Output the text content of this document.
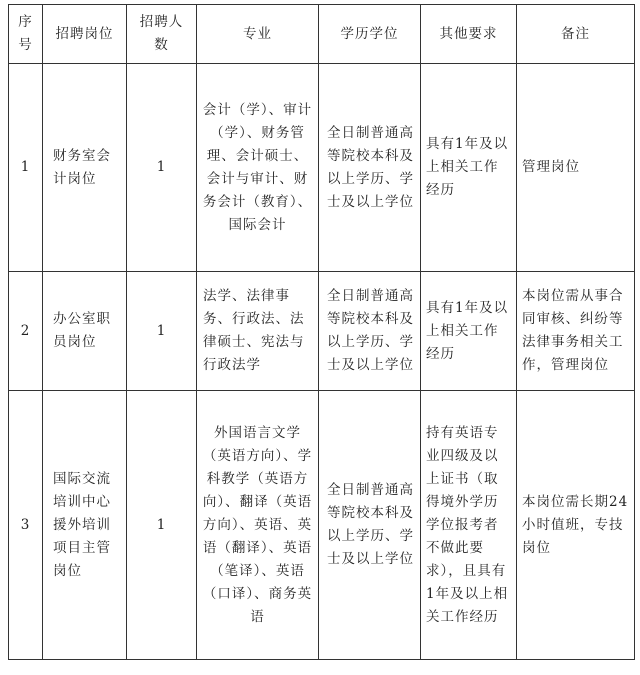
序号	招聘岗位	招聘人数	专业	学历学位	其他要求	备注
1	财务室会计岗位	1	会计（学）、审计（学）、财务管理、会计硕士、会计与审计、财务会计（教育）、国际会计	全日制普通高等院校本科及以上学历、学士及以上学位	具有1年及以上相关工作经历	管理岗位
2	办公室职员岗位	1	法学、法律事务、行政法、法律硕士、宪法与行政法学	全日制普通高等院校本科及以上学历、学士及以上学位	具有1年及以上相关工作经历	本岗位需从事合同审核、纠纷等法律事务相关工作，管理岗位
3	国际交流培训中心援外培训项目主管岗位	1	外国语言文学（英语方向）、学科教学（英语方向）、翻译（英语方向）、英语、英语（翻译）、英语（笔译）、英语（口译）、商务英语	全日制普通高等院校本科及以上学历、学士及以上学位	持有英语专业四级及以上证书（取得境外学历学位报考者不做此要求），且具有1年及以上相关工作经历	本岗位需长期24小时值班，专技岗位
